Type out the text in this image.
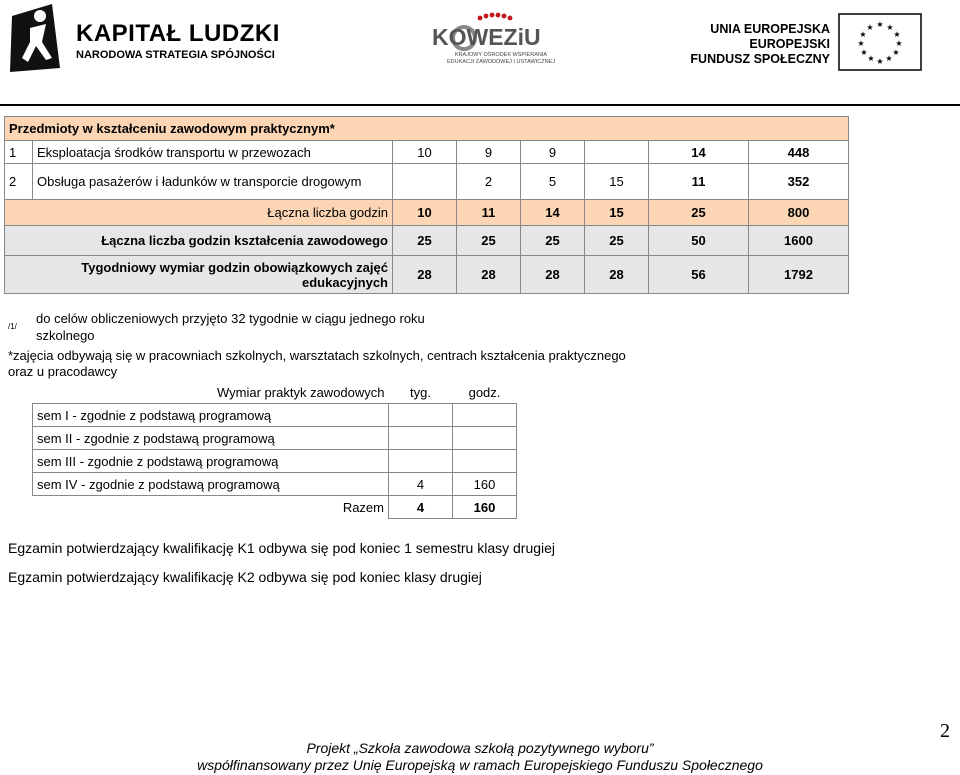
KAPITAŁ LUDZKI
NARODOWA STRATEGIA SPÓJNOŚCI
KOWEZiU
KRAJOWY OŚRODEK WSPIERANIA EDUKACJI ZAWODOWEJ I USTAWICZNEJ
UNIA EUROPEJSKA
EUROPEJSKI
FUNDUSZ SPOŁECZNY
★ ★
★
★
★
★
★
★
★
★
★
★
Przedmioty w kształceniu zawodowym praktycznym*							
1	Eksploatacja środków transportu w przewozach	10	9	9		14	448
2	Obsługa pasażerów i ładunków w transporcie drogowym		2	5	15	11	352
Łączna liczba godzin		10	11	14	15	25	800
Łączna liczba godzin kształcenia zawodowego		25	25	25	25	50	1600
Tygodniowy wymiar godzin obowiązkowych zajęć edukacyjnych		28	28	28	28	56	1792
/1/
do celów obliczeniowych przyjęto 32 tygodnie w ciągu jednego roku
szkolnego
*zajęcia odbywają się w pracowniach szkolnych, warsztatach szkolnych, centrach kształcenia praktycznego
oraz u pracodawcy
Wymiar praktyk zawodowych	tyg.	godz.
sem I - zgodnie z podstawą programową		
sem II - zgodnie z podstawą programową		
sem III - zgodnie z podstawą programową		
sem IV - zgodnie z podstawą programową	4	160
Razem	4	160
Egzamin potwierdzający kwalifikację K1 odbywa się pod koniec 1 semestru klasy drugiej
Egzamin potwierdzający kwalifikację K2 odbywa się pod koniec klasy drugiej
2
Projekt „Szkoła zawodowa szkołą pozytywnego wyboru”
współfinansowany przez Unię Europejską w ramach Europejskiego Funduszu Społecznego
